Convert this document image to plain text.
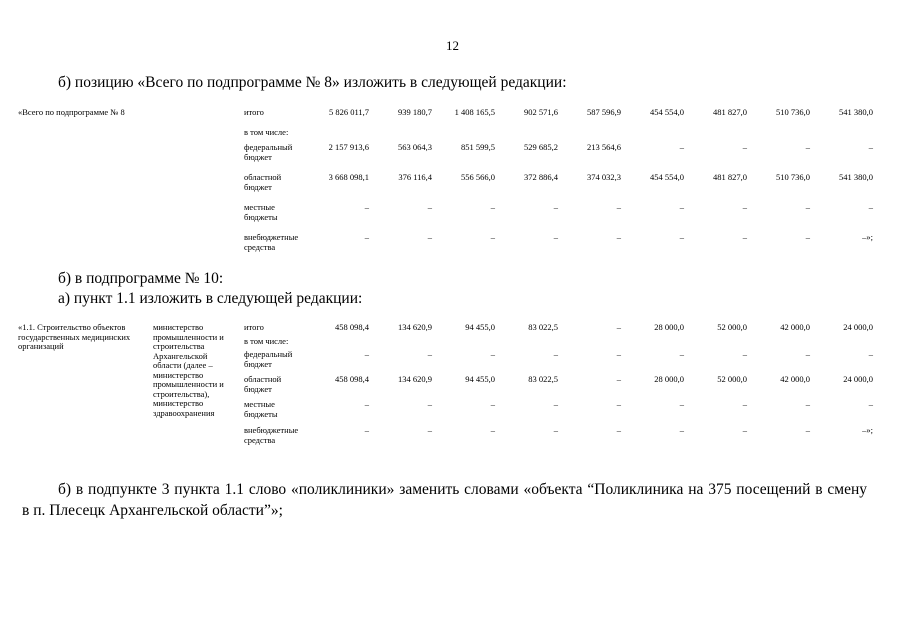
12
б) позицию «Всего по подпрограмме № 8» изложить в следующей редакции:
«Всего по подпрограмме № 8		итого	5 826 011,7	939 180,7	1 408 165,5	902 571,6	587 596,9	454 554,0	481 827,0	510 736,0	541 380,0
		в том числе:									
		федеральный бюджет	2 157 913,6	563 064,3	851 599,5	529 685,2	213 564,6	–	–	–	–
		областной бюджет	3 668 098,1	376 116,4	556 566,0	372 886,4	374 032,3	454 554,0	481 827,0	510 736,0	541 380,0
		местные бюджеты	–	–	–	–	–	–	–	–	–
		внебюджетные средства	–	–	–	–	–	–	–	–	–»;
б) в подпрограмме № 10:
а) пункт 1.1 изложить в следующей редакции:
«1.1. Строительство объектов государственных медицинских организаций	министерство промышленности и строительства Архангельской области (далее – министерство промышленности и строительства), министерство здравоохранения	итого	458 098,4	134 620,9	94 455,0	83 022,5	–	28 000,0	52 000,0	42 000,0	24 000,0
		в том числе:									
		федеральный бюджет	–	–	–	–	–	–	–	–	–
		областной бюджет	458 098,4	134 620,9	94 455,0	83 022,5	–	28 000,0	52 000,0	42 000,0	24 000,0
		местные бюджеты	–	–	–	–	–	–	–	–	–
		внебюджетные средства	–	–	–	–	–	–	–	–	–»;
б) в подпункте 3 пункта 1.1 слово «поликлиники» заменить словами «объекта “Поликлиника на 375 посещений в смену
в п. Плесецк Архангельской области”»;
